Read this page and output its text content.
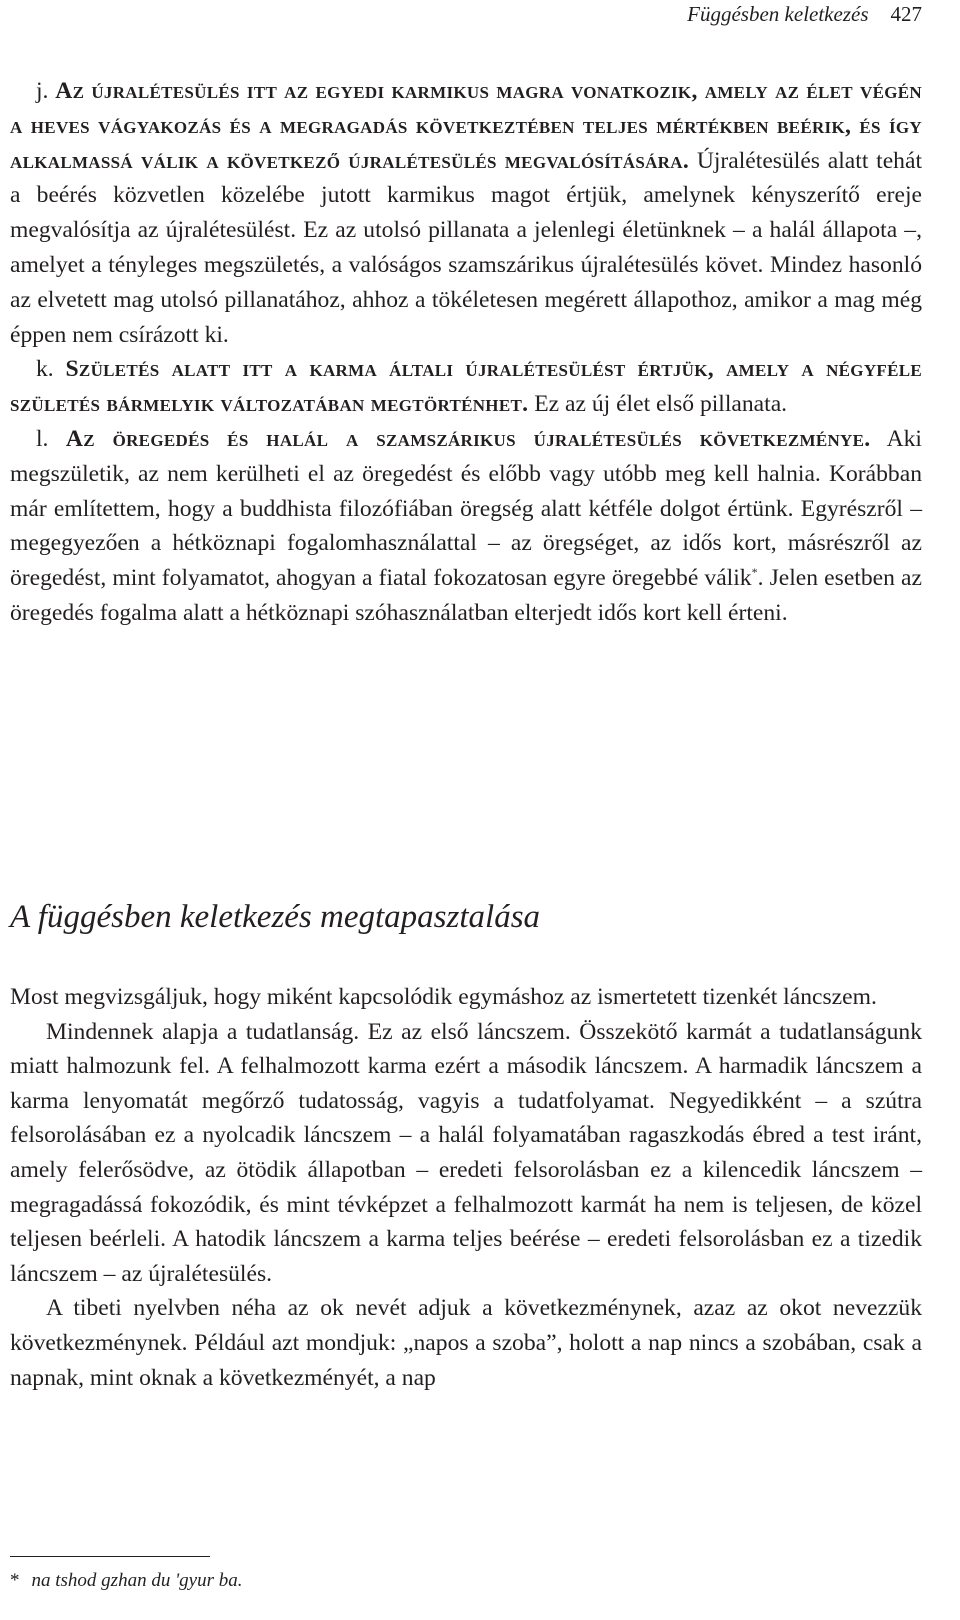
Függésben keletkezés 427

j. Az újralétesülés itt az egyedi karmikus magra vonatkozik, amely az élet végén a heves vágyakozás és a megragadás következtében teljes mértékben beérik, és így alkalmassá válik a következő újralétesülés megvalósítására. Újralétesülés alatt tehát a beérés közvetlen közelébe jutott karmikus magot értjük, amelynek kényszerítő ereje megvalósítja az újralétesülést. Ez az utolsó pillanata a jelenlegi életünknek – a halál állapota –, amelyet a tényleges megszületés, a valóságos szamszárikus újralétesülés követ. Mindez hasonló az elvetett mag utolsó pillanatához, ahhoz a tökéletesen megérett állapothoz, amikor a mag még éppen nem csírázott ki.

k. Születés alatt itt a karma általi újralétesülést értjük, amely a négyféle születés bármelyik változatában megtörténhet. Ez az új élet első pillanata.

l. Az öregedés és halál a szamszárikus újralétesülés következménye. Aki megszületik, az nem kerülheti el az öregedést és előbb vagy utóbb meg kell halnia. Korábban már említettem, hogy a buddhista filozófiában öregség alatt kétféle dolgot értünk. Egyrészről – megegyezően a hétköznapi fogalomhasználattal – az öregséget, az idős kort, másrészről az öregedést, mint folyamatot, ahogyan a fiatal fokozatosan egyre öregebbé válik*. Jelen esetben az öregedés fogalma alatt a hétköznapi szóhasználatban elterjedt idős kort kell érteni.

A függésben keletkezés megtapasztalása

Most megvizsgáljuk, hogy miként kapcsolódik egymáshoz az ismertetett tizenkét láncszem.

Mindennek alapja a tudatlanság. Ez az első láncszem. Összekötő karmát a tudatlanságunk miatt halmozunk fel. A felhalmozott karma ezért a második láncszem. A harmadik láncszem a karma lenyomatát megőrző tudatosság, vagyis a tudatfolyamat. Negyedikként – a szútra felsorolásában ez a nyolcadik láncszem – a halál folyamatában ragaszkodás ébred a test iránt, amely felerősödve, az ötödik állapotban – eredeti felsorolásban ez a kilencedik láncszem – megragadássá fokozódik, és mint tévképzet a felhalmozott karmát ha nem is teljesen, de közel teljesen beérleli. A hatodik láncszem a karma teljes beérése – eredeti felsorolásban ez a tizedik láncszem – az újralétesülés.

A tibeti nyelvben néha az ok nevét adjuk a következménynek, azaz az okot nevezzük következménynek. Például azt mondjuk: „napos a szoba”, holott a nap nincs a szobában, csak a napnak, mint oknak a következményét, a nap

* na tshod gzhan du 'gyur ba.
